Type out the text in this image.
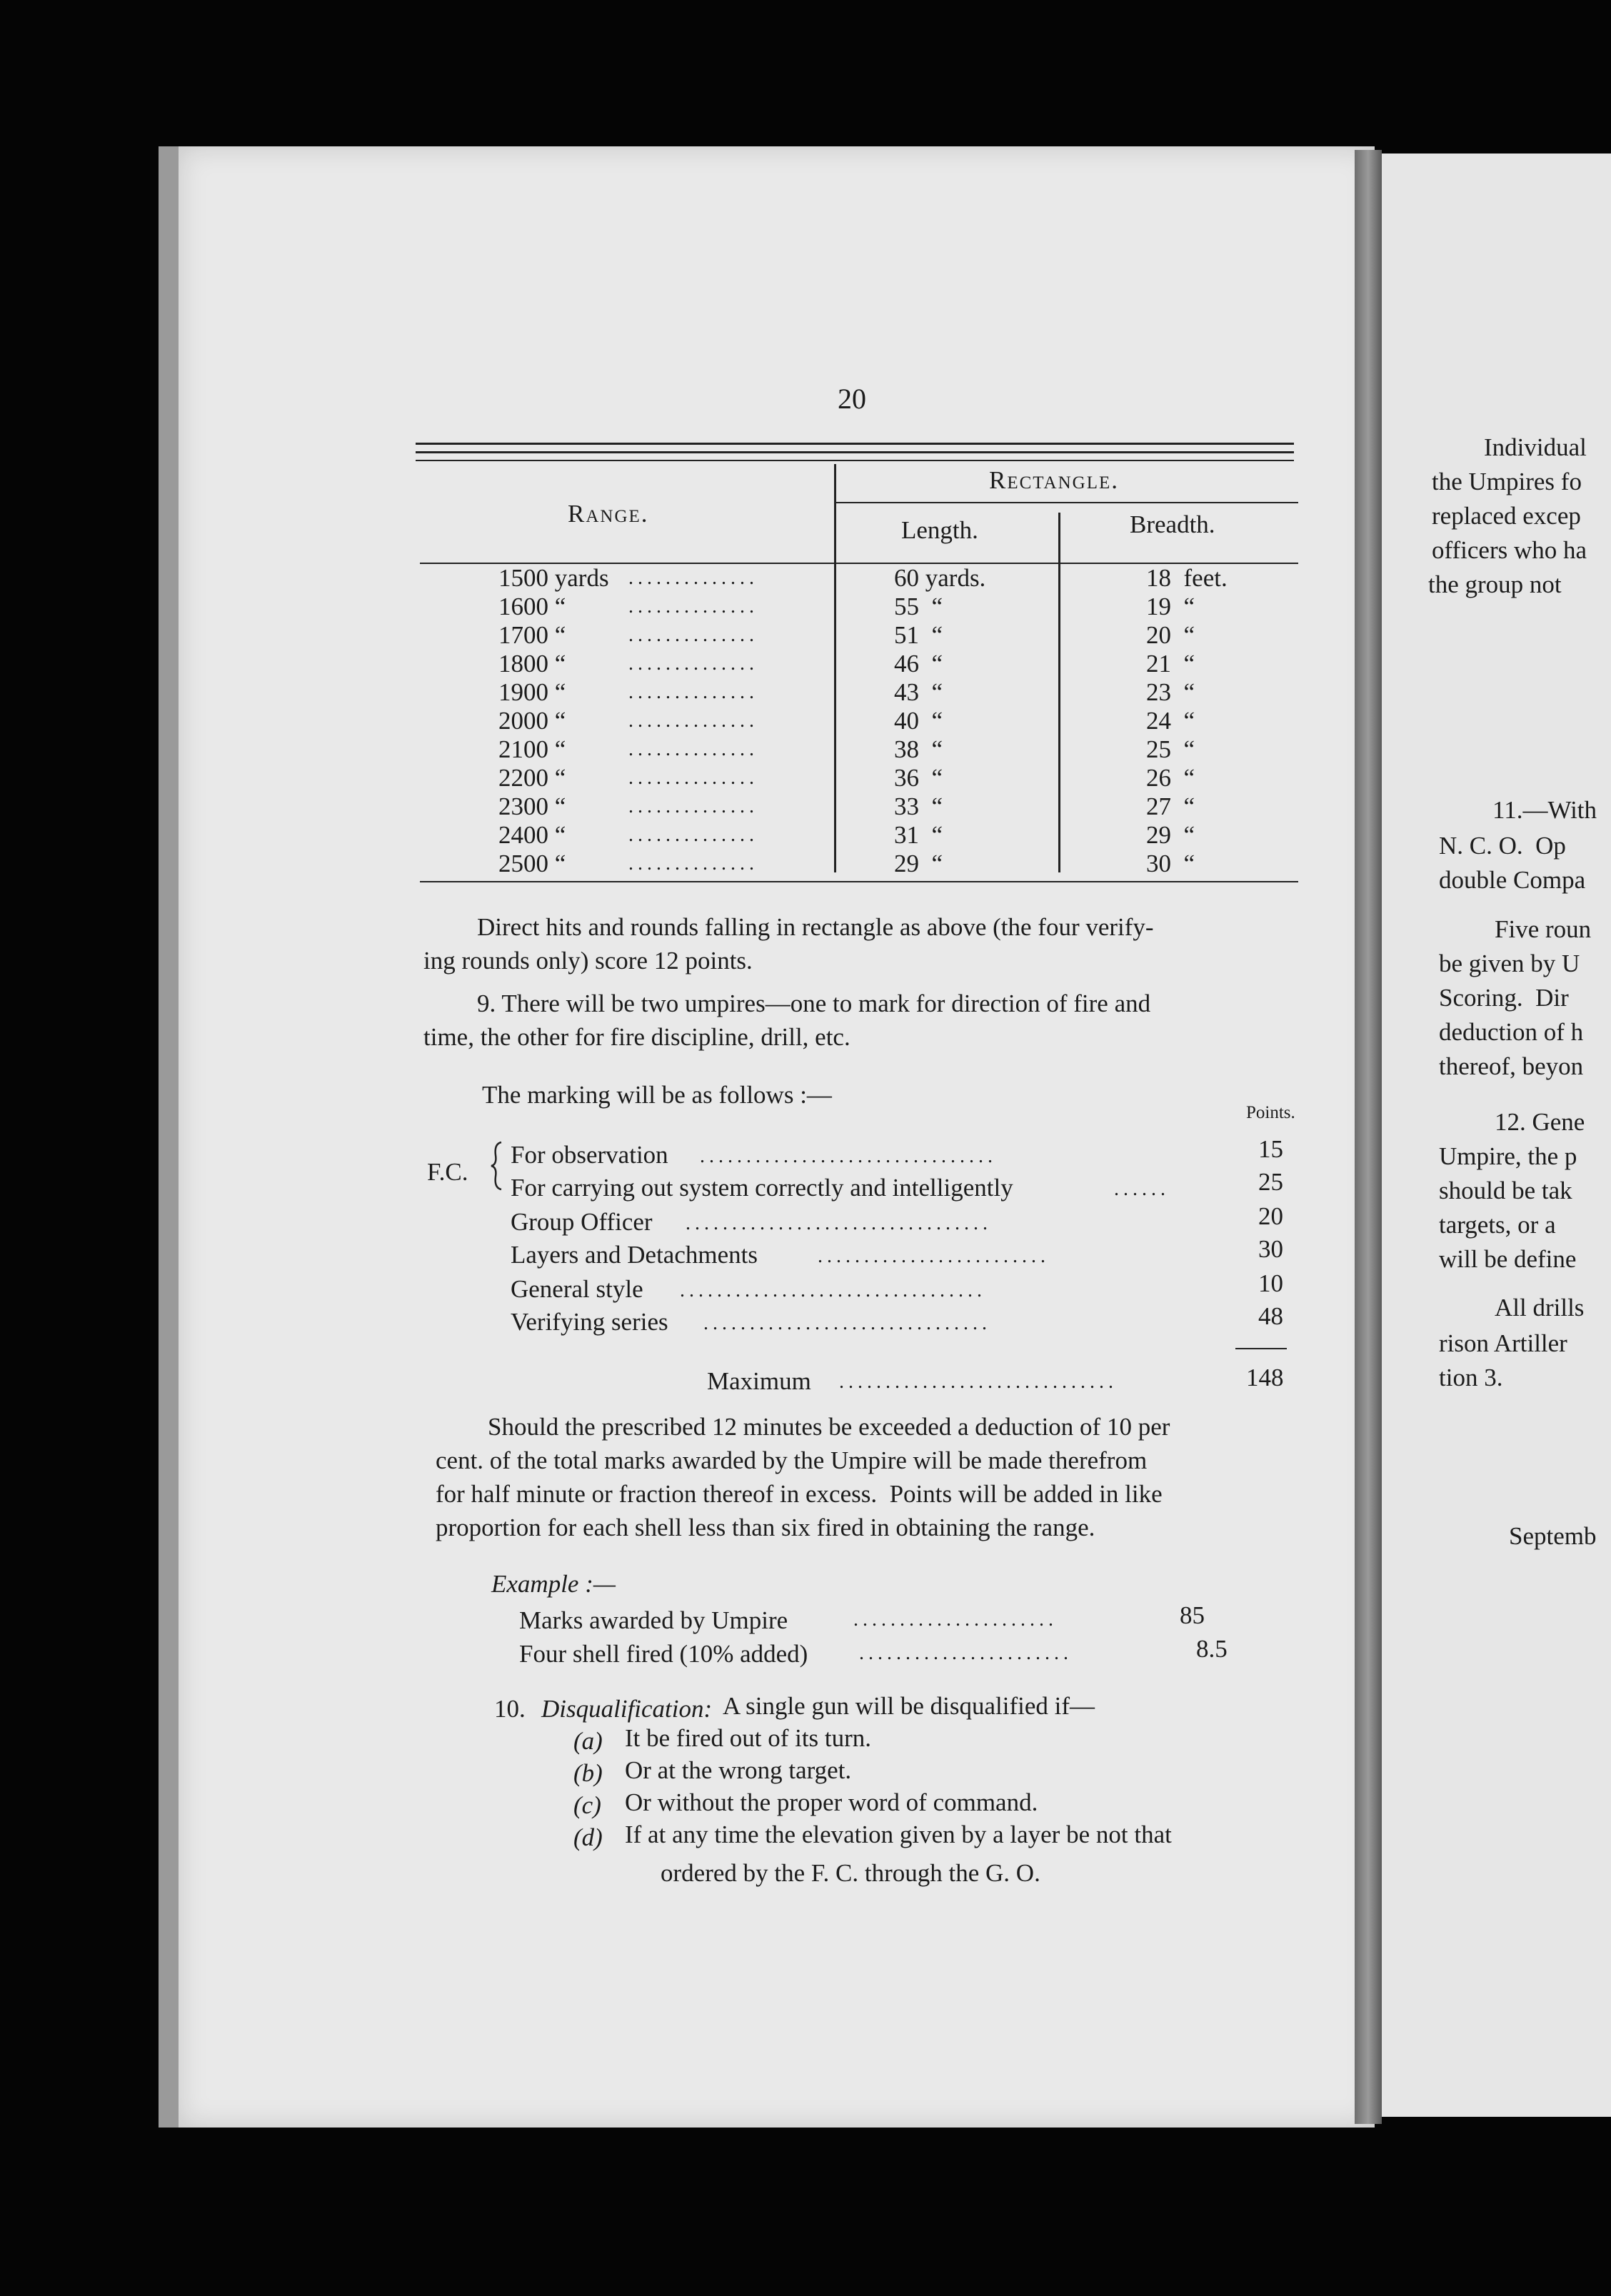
20
Range.
Rectangle.
Length.	Breadth.
1500 yards ..............	60 yards.	18  feet.
1600 “	..............	55  “	19  “
1700 “	..............	51  “	20  “
1800 “	..............	46  “	21  “
1900 “	..............	43  “	23  “
2000 “	..............	40  “	24  “
2100 “	..............	38  “	25  “
2200 “	..............	36  “	26  “
2300 “	..............	33  “	27  “
2400 “	..............	31  “	29  “
2500 “	..............	29  “	30  “
Direct hits and rounds falling in rectangle as above (the four verify-
ing rounds only) score 12 points.
9. There will be two umpires—one to mark for direction of fire and
time, the other for fire discipline, drill, etc.
The marking will be as follows :—
Points.
F.C.
For observation ................................	15
For carrying out system correctly and intelligently	......	25
Group Officer .................................	20
Layers and Detachments	.........................	30
General style .................................	10
Verifying series ...............................	48
Maximum ..............................	148
Should the prescribed 12 minutes be exceeded a deduction of 10 per
cent. of the total marks awarded by the Umpire will be made therefrom
for half minute or fraction thereof in excess.  Points will be added in like
proportion for each shell less than six fired in obtaining the range.
Example :—
Marks awarded by Umpire	......................	85
Four shell fired (10% added)	.......................	8.5
10. Disqualification: A single gun will be disqualified if—
(a) It be fired out of its turn.
(b) Or at the wrong target.
(c) Or without the proper word of command.
(d) If at any time the elevation given by a layer be not that
ordered by the F. C. through the G. O.
Individual
the Umpires fo
replaced excep
officers who ha
the group not
11.—With
N. C. O.  Op
double Compa
Five roun
be given by U
Scoring.  Dir
deduction of h
thereof, beyon
12. Gene
Umpire, the p
should be tak
targets, or a
will be define
All drills
rison Artiller
tion 3.
Septemb
